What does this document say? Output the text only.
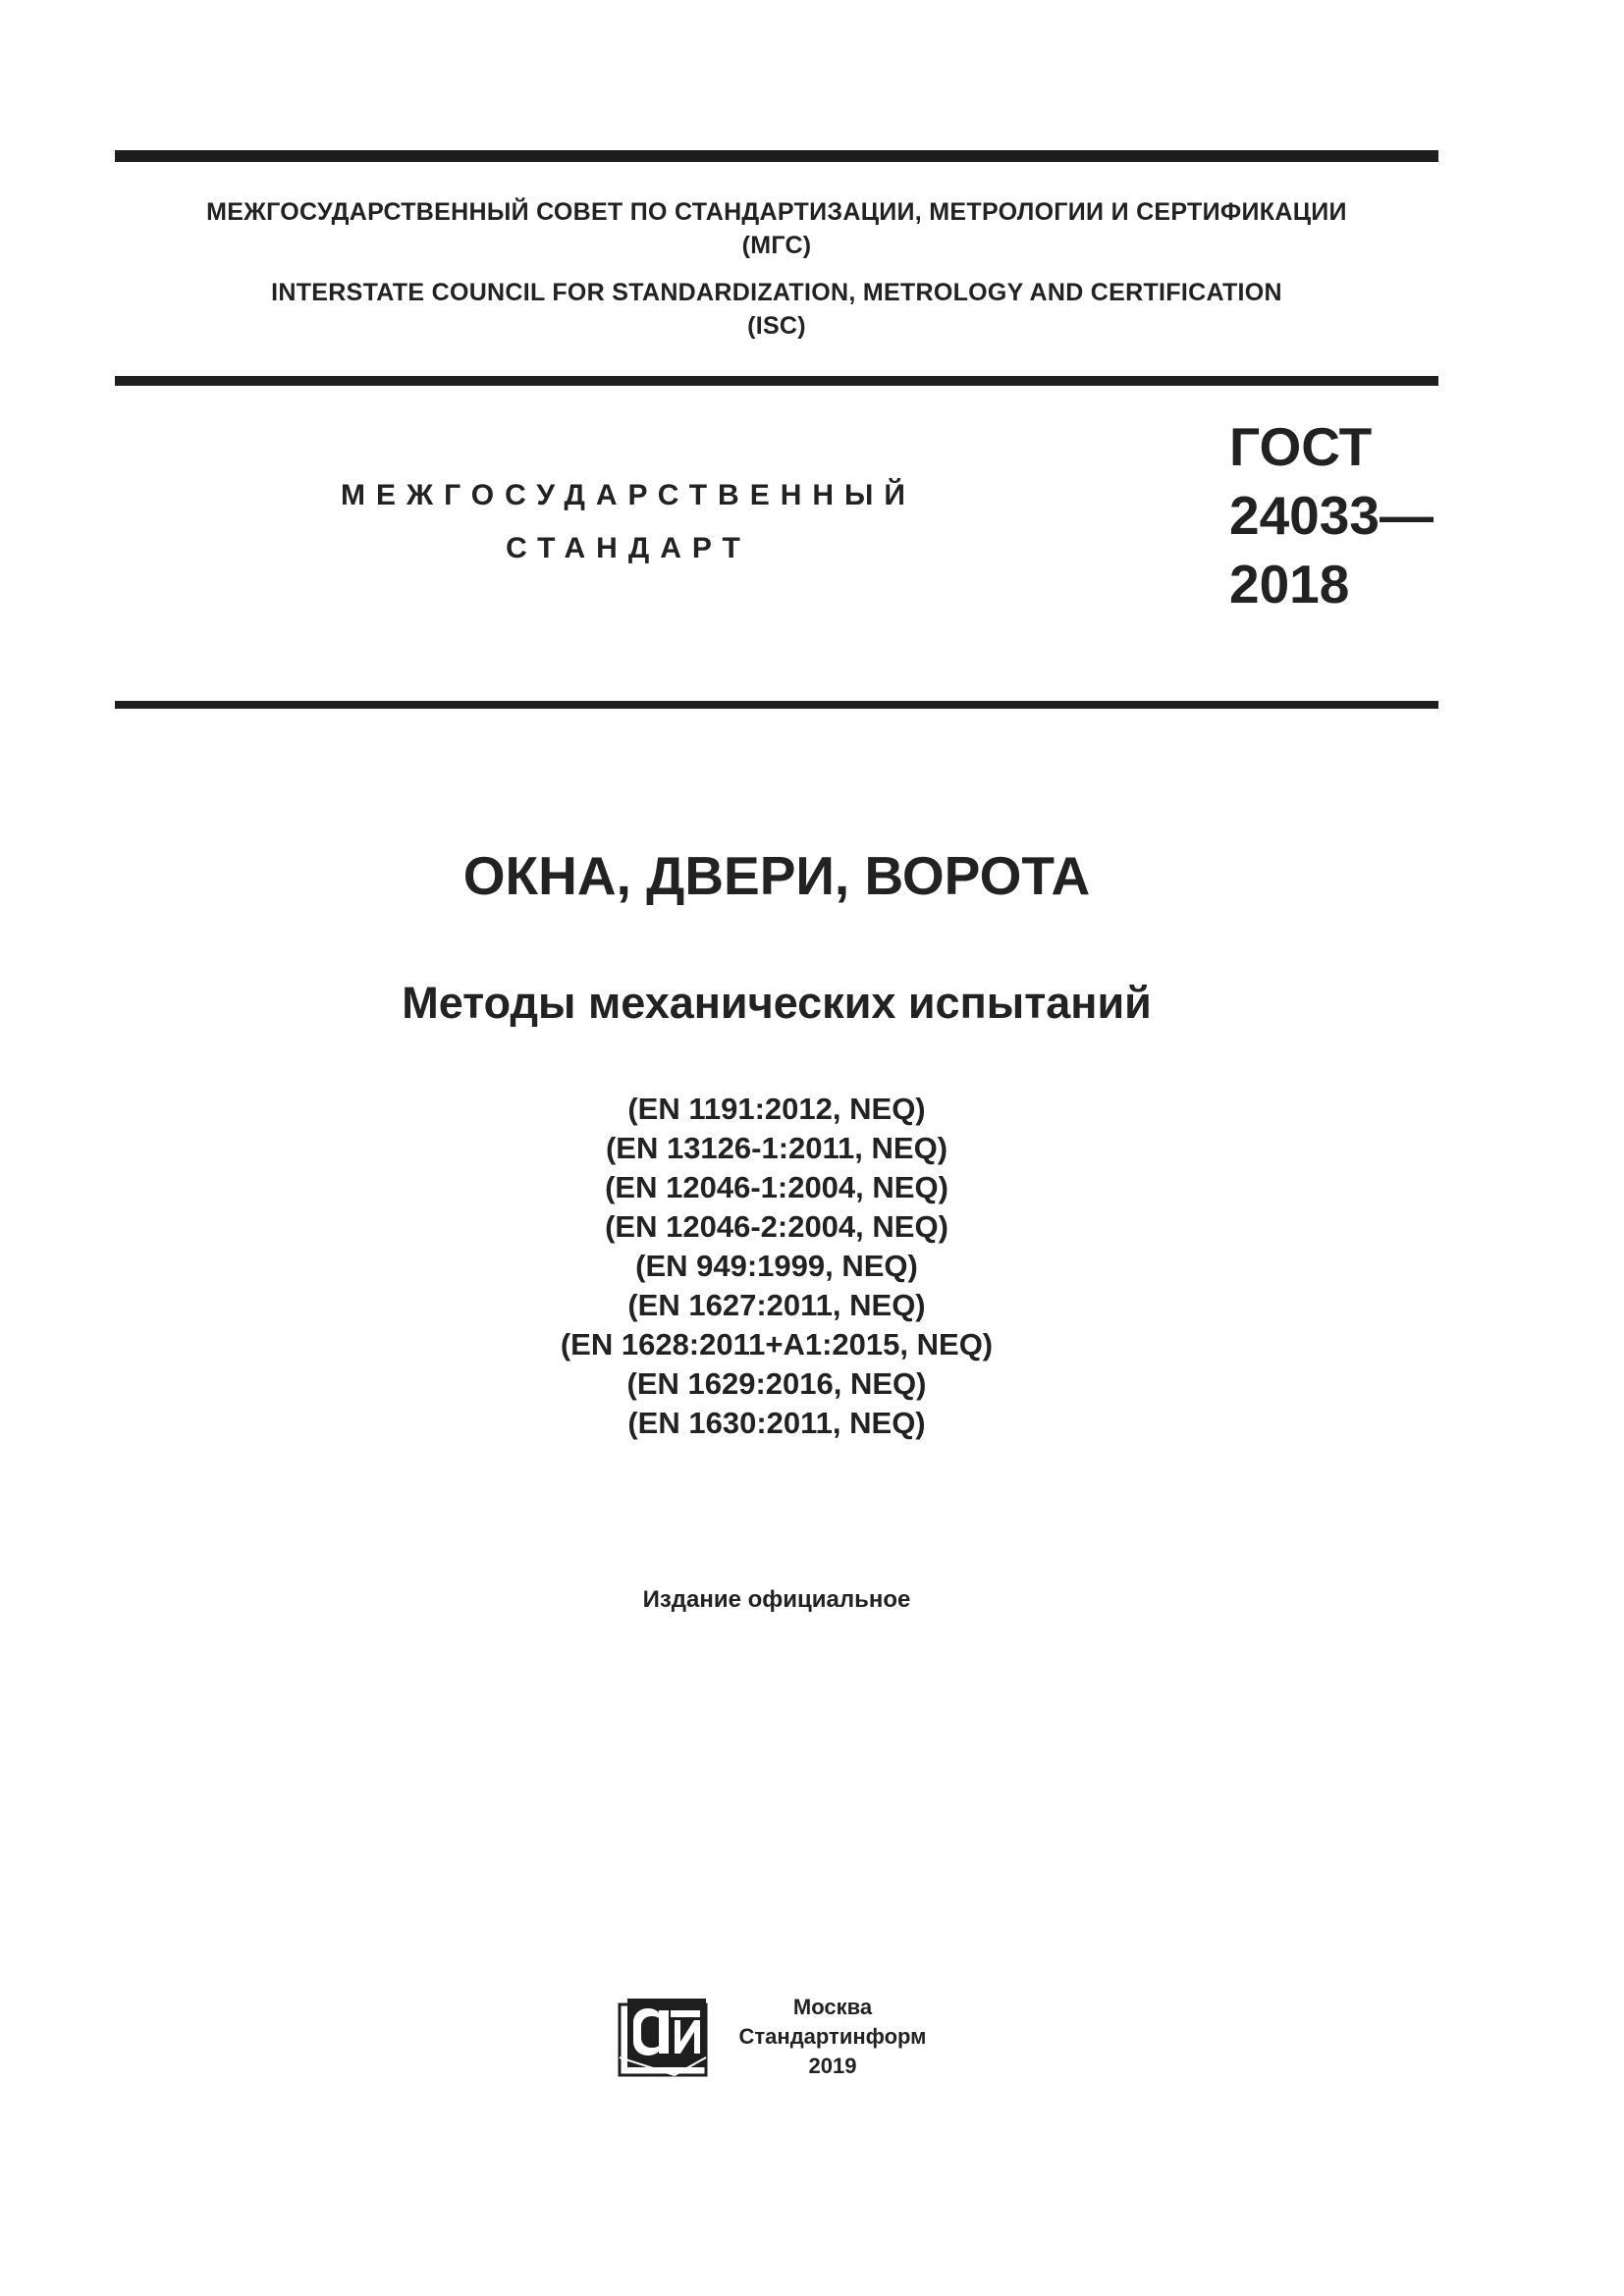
МЕЖГОСУДАРСТВЕННЫЙ СОВЕТ ПО СТАНДАРТИЗАЦИИ, МЕТРОЛОГИИ И СЕРТИФИКАЦИИ
(МГС)
INTERSTATE COUNCIL FOR STANDARDIZATION, METROLOGY AND CERTIFICATION
(ISC)
МЕЖГОСУДАРСТВЕННЫЙ
СТАНДАРТ
ГОСТ
24033—
2018
ОКНА, ДВЕРИ, ВОРОТА
Методы механических испытаний
(EN 1191:2012, NEQ)
(EN 13126-1:2011, NEQ)
(EN 12046-1:2004, NEQ)
(EN 12046-2:2004, NEQ)
(EN 949:1999, NEQ)
(EN 1627:2011, NEQ)
(EN 1628:2011+A1:2015, NEQ)
(EN 1629:2016, NEQ)
(EN 1630:2011, NEQ)
Издание официальное
Москва
Стандартинформ
2019
